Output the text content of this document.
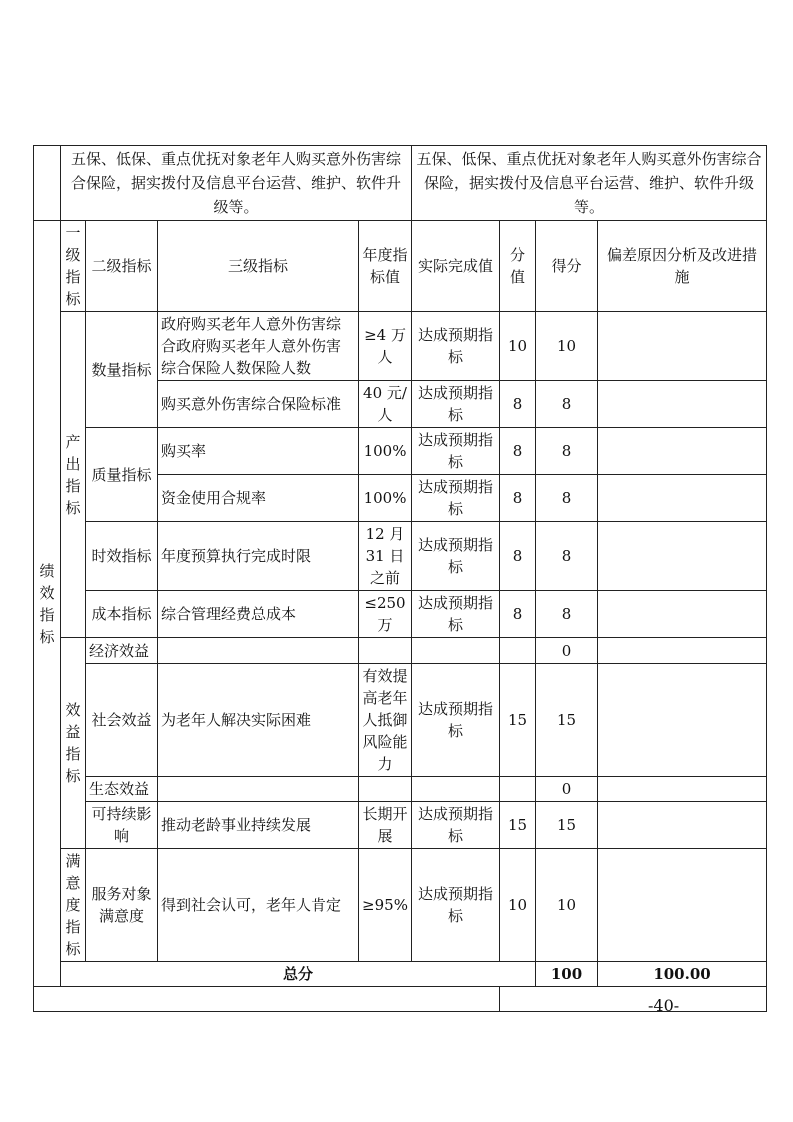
	五保、低保、重点优抚对象老年人购买意外伤害综合保险，据实拨付及信息平台运营、维护、软件升级等。				五保、低保、重点优抚对象老年人购买意外伤害综合保险，据实拨付及信息平台运营、维护、软件升级等。				
绩效指标	一级指标	二级指标	三级指标	年度指标值	实际完成值	分值	得分	偏差原因分析及改进措施	
	产出指标	数量指标	政府购买老年人意外伤害综合政府购买老年人意外伤害综合保险人数保险人数	≥4 万人	达成预期指标	10	10		
			购买意外伤害综合保险标准	40 元/人	达成预期指标	8	8		
		质量指标	购买率	100%	达成预期指标	8	8		
			资金使用合规率	100%	达成预期指标	8	8		
		时效指标	年度预算执行完成时限	12 月 31 日之前	达成预期指标	8	8		
		成本指标	综合管理经费总成本	≤250 万	达成预期指标	8	8		
	效益指标	经济效益					0		
		社会效益	为老年人解决实际困难	有效提高老年人抵御风险能力	达成预期指标	15	15		
		生态效益					0		
		可持续影响	推动老龄事业持续发展	长期开展	达成预期指标	15	15		
	满意度指标	服务对象满意度	得到社会认可，老年人肯定	≥95%	达成预期指标	10	10		
	总分						100	100.00	

-40-
